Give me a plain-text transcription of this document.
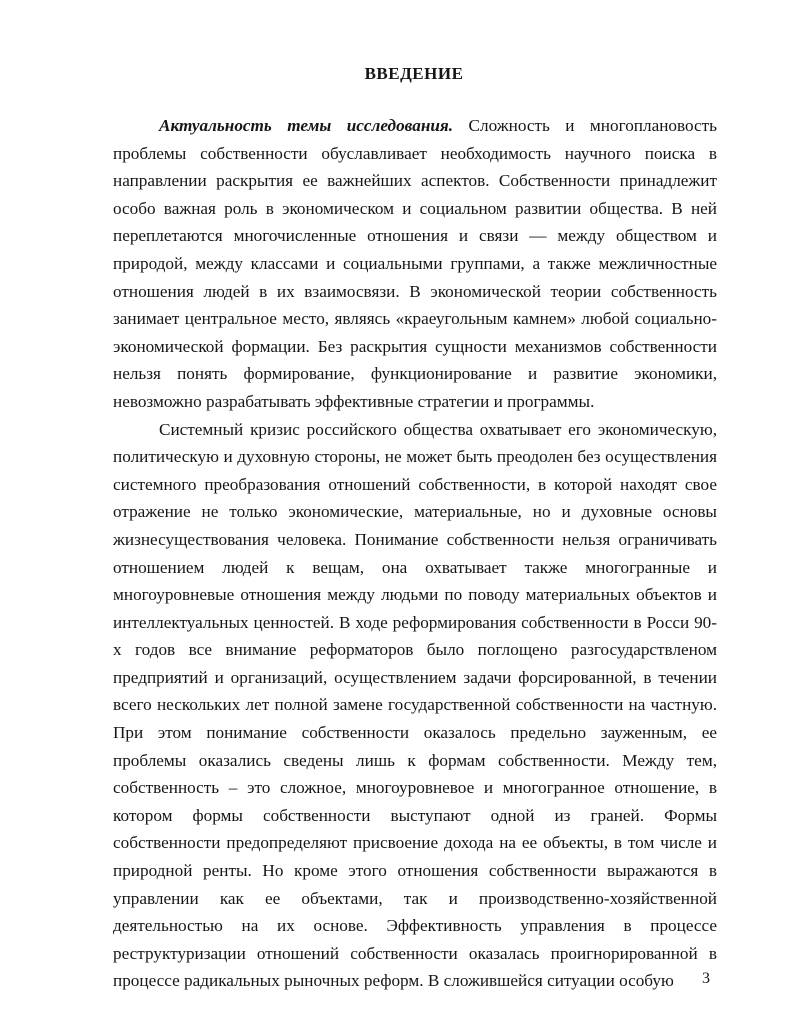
ВВЕДЕНИЕ

Актуальность темы исследования. Сложность и многоплановость проблемы собственности обуславливает необходимость научного поиска в направлении раскрытия ее важнейших аспектов. Собственности принадлежит особо важная роль в экономическом и социальном развитии общества. В ней переплетаются многочисленные отношения и связи — между обществом и природой, между классами и социальными группами, а также межличностные отношения людей в их взаимосвязи. В экономической теории собственность занимает центральное место, являясь «краеугольным камнем» любой социально-экономической формации. Без раскрытия сущности механизмов собственности нельзя понять формирование, функционирование и развитие экономики, невозможно разрабатывать эффективные стратегии и программы.

Системный кризис российского общества охватывает его экономическую, политическую и духовную стороны, не может быть преодолен без осуществления системного преобразования отношений собственности, в которой находят свое отражение не только экономические, материальные, но и духовные основы жизнесуществования человека. Понимание собственности нельзя ограничивать отношением людей к вещам, она охватывает также многогранные и многоуровневые отношения между людьми по поводу материальных объектов и интеллектуальных ценностей. В ходе реформирования собственности в Росси 90-х годов все внимание реформаторов было поглощено разгосударствленом предприятий и организаций, осуществлением задачи форсированной, в течении всего нескольких лет полной замене государственной собственности на частную. При этом понимание собственности оказалось предельно зауженным, ее проблемы оказались сведены лишь к формам собственности. Между тем, собственность – это сложное, многоуровневое и многогранное отношение, в котором формы собственности выступают одной из граней. Формы собственности предопределяют присвоение дохода на ее объекты, в том числе и природной ренты. Но кроме этого отношения собственности выражаются в управлении как ее объектами, так и производственно-хозяйственной деятельностью на их основе. Эффективность управления в процессе реструктуризации отношений собственности оказалась проигнорированной в процессе радикальных рыночных реформ. В сложившейся ситуации особую	3
